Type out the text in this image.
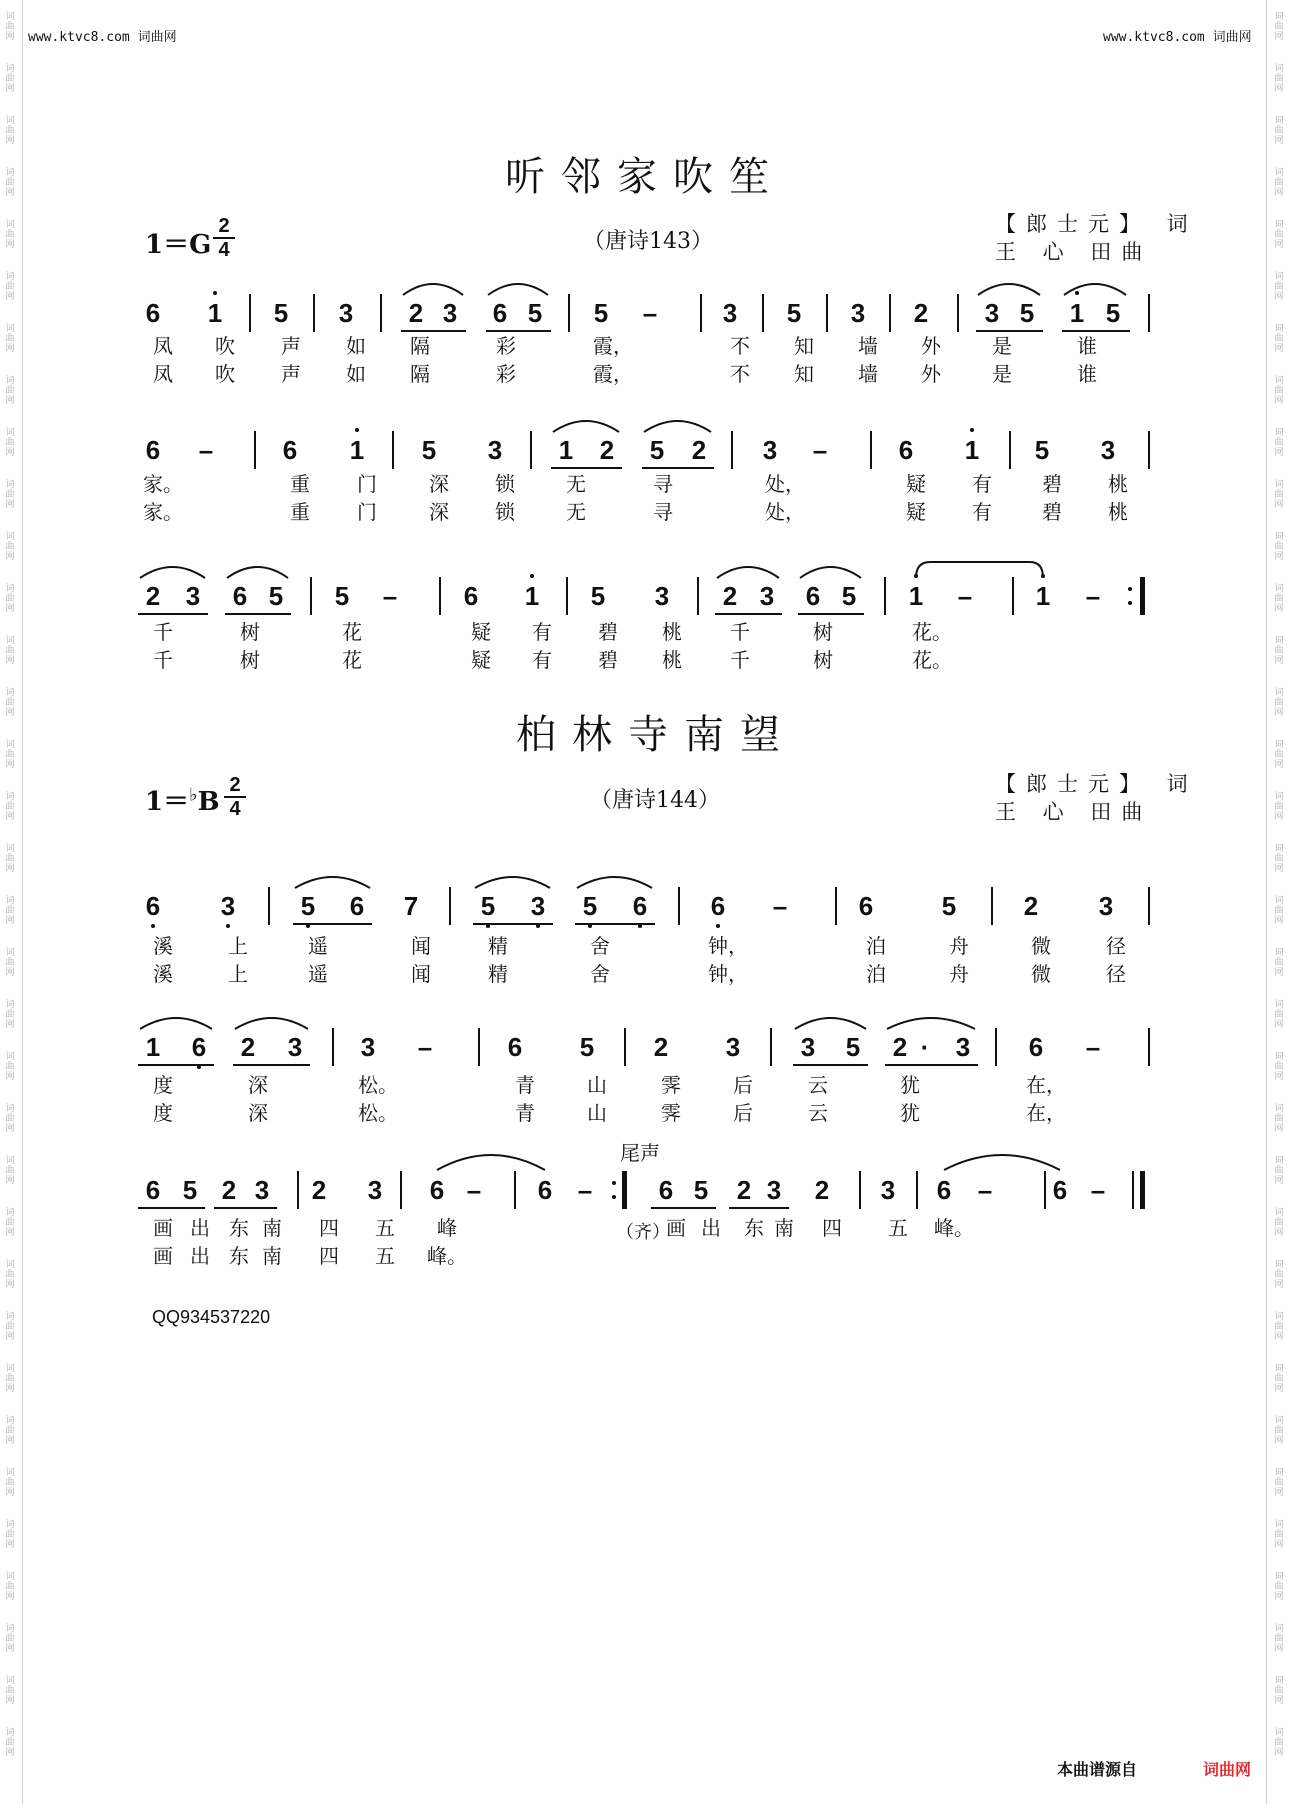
词
曲
网
词
曲
网
词
曲
网
词
曲
网
词
曲
网
词
曲
网
词
曲
网
词
曲
网
词
曲
网
词
曲
网
词
曲
网
词
曲
网
词
曲
网
词
曲
网
词
曲
网
词
曲
网
词
曲
网
词
曲
网
词
曲
网
词
曲
网
词
曲
网
词
曲
网
词
曲
网
词
曲
网
词
曲
网
词
曲
网
词
曲
网
词
曲
网
词
曲
网
词
曲
网
词
曲
网
词
曲
网
词
曲
网
词
曲
网
词
曲
网
词
曲
网
词
曲
网
词
曲
网
词
曲
网
词
曲
网
词
曲
网
词
曲
网
词
曲
网
词
曲
网
词
曲
网
词
曲
网
词
曲
网
词
曲
网
词
曲
网
词
曲
网
词
曲
网
词
曲
网
词
曲
网
词
曲
网
词
曲
网
词
曲
网
词
曲
网
词
曲
网
词
曲
网
词
曲
网
词
曲
网
词
曲
网
词
曲
网
词
曲
网
词
曲
网
词
曲
网
词
曲
网
词
曲
网
www.ktvc8.com 词曲网	www.ktvc8.com 词曲网
听邻家吹笙
1＝G
2
4	（唐诗143）
【郎士元】 词
王 心 田曲
柏林寺南望
1＝♭B
2
4	（唐诗144）
【郎士元】 词
王 心 田曲
尾声
（齐）
6 1 5 3 2 3 6 5 5 –	3 5 3 2 3 5 1 5
凤	吹	声	如	隔	彩	霞，	不	知	墙	外	是	谁
凤	吹	声	如	隔	彩	霞，	不	知	墙	外	是	谁
6 –	6 1 5 3 1 2 5 2 3 –	6 1 5 3
家。	重	门	深	锁	无	寻	处，	疑	有	碧	桃
家。	重	门	深	锁	无	寻	处，	疑	有	碧	桃
2 3 6 5 5 –	6 1 5 3 2 3 6 5 1 – 1 –
千	树	花	疑	有	碧	桃	千	树	花。
千	树	花	疑	有	碧	桃	千	树	花。
6 3	5 6 7 5 3 5 6 6 –	6	5	2 3
溪	上	遥	闻	精	舍	钟，	泊	舟	微	径
溪	上	遥	闻	精	舍	钟，	泊	舟	微	径
1 6 2 3 3 –	6 5 2 3 3 5 2 ·	3 6 –
度	深	松。	青	山	霁	后	云	犹	在，
度	深	松。	青	山	霁	后	云	犹	在，
6 5 2 3 2 3 6 – 6 –	6 5 2 3 2 3 6 – 6 –
画 出 东 南	四	五	峰	画 出	东 南	四	五	峰。
画 出 东 南	四	五	峰。
QQ934537220
本曲谱源自	词曲网
